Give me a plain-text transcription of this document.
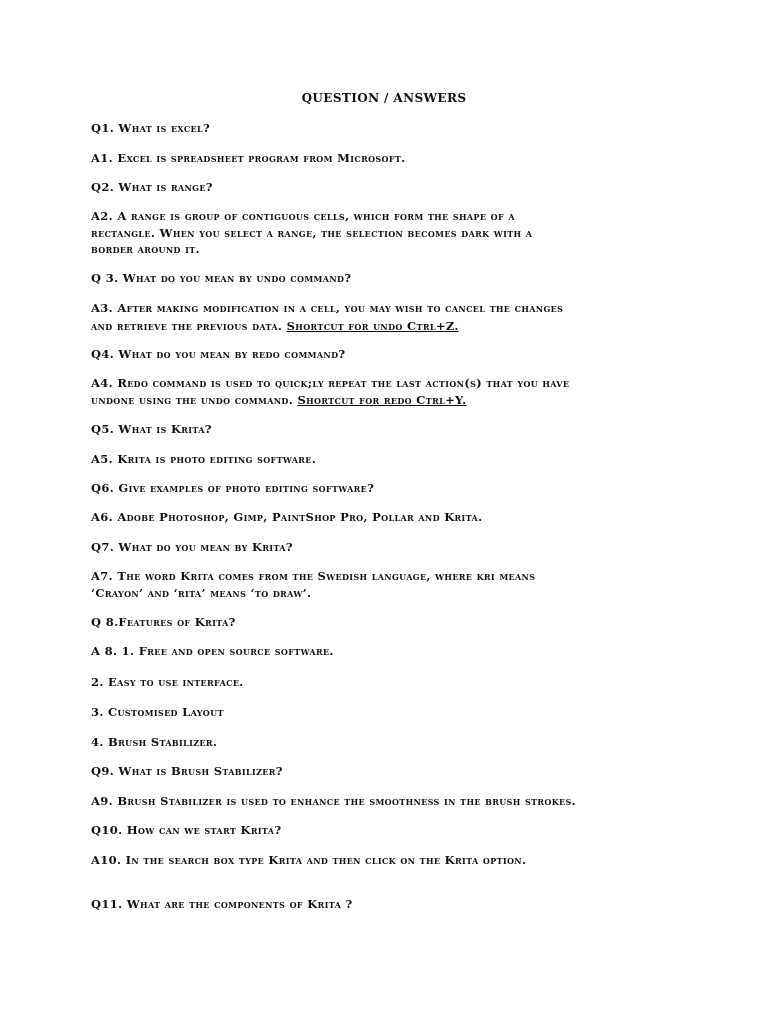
QUESTION / ANSWERS
Q1. What is excel?
A1. Excel is spreadsheet program from Microsoft.
Q2. What is range?
A2. A range is group of contiguous cells, which form the shape of a
rectangle. When you select a range, the selection becomes dark with a
border around it.
Q 3. What do you mean by undo command?
A3. After making modification in a cell, you may wish to cancel the changes
and retrieve the previous data. Shortcut for undo Ctrl+Z.
Q4. What do you mean by redo command?
A4. Redo command is used to quick;ly repeat the last action(s) that you have
undone using the undo command. Shortcut for redo Ctrl+Y.
Q5. What is Krita?
A5. Krita is photo editing software.
Q6. Give examples of photo editing software?
A6. Adobe Photoshop, Gimp, PaintShop Pro, Pollar and Krita.
Q7. What do you mean by Krita?
A7. The word Krita comes from the Swedish language, where kri means
‘Crayon’ and ‘rita’ means ‘to draw’.
Q 8.Features of Krita?
A 8. 1. Free and open source software.
2. Easy to use interface.
3. Customised Layout
4. Brush Stabilizer.
Q9. What is Brush Stabilizer?
A9. Brush Stabilizer is used to enhance the smoothness in the brush strokes.
Q10. How can we start Krita?
A10. In the search box type Krita and then click on the Krita option.
Q11. What are the components of Krita ?
